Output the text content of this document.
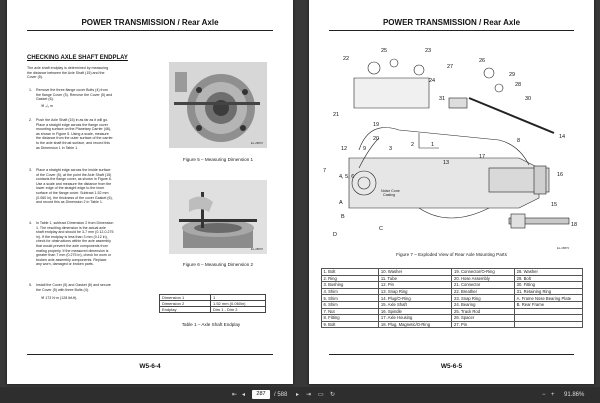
POWER TRANSMISSION / Rear Axle
CHECKING AXLE SHAFT ENDPLAY
The axle shaft endplay is determined by measuring
the distance between the Axle Shaft (15) and the
Cover (5).
1. Remove the three flange cover Bolts (4) from
the flange Cover (5). Remove the Cover (5) and
Gasket (6).
⚒ ₇/₈ m
2. Push the Axle Shaft (15) in as far as it will go.
Place a straight edge across the flange cover
mounting surface on the Planetary Carrier (46),
as shown in Figure 5. Using a scale, measure
the distance from the outer surface of the carrier
to the axle shaft thrust surface, and record this
as Dimension 1 in Table 1.
3. Place a straight edge across the inside surface
of the Cover (5), at the point the Axle Shaft (15)
contacts the flange cover, as shown in Figure 6.
Use a scale and measure the distance from the
lower edge of the straight edge to the inner
surface of the flange cover. Subtract 1.52 mm
(0.060 in), the thickness of the cover Gasket (6),
and record this as Dimension 2 in Table 1.
4. In Table 1, subtract Dimension 2 from Dimension
1. The resulting dimension is the actual axle
shaft endplay and should be 3-7 mm (0.12-0.275
in). If the endplay is less than 3 mm (0.12 in),
check for obstructions within the axle assembly
that would prevent the axle components from
mating properly. If the measured dimension is
greater than 7 mm (0.275 in), check for worn or
broken axle assembly components. Replace
any worn, damaged or broken parts.
5. Install the Cover (5) and Gasket (6) and secure
the Cover (5) with three Bolts (4).
⚒ 173 N·m (128 lbf-ft).
EL-28870
Figure 5 – Measuring Dimension 1
EL-28870
Figure 6 – Measuring Dimension 2
Dimension 1	1
Dimension 2	1.52 mm (0.060in)
Endplay	Dim 1 - Dim 2
Table 1 – Axle Shaft Endplay
W5-6-4
POWER TRANSMISSION / Rear Axle
22
25	23
27
24
26
29
28
31	30
21
19
20
12	9	3
2	1
8
14
17
13
7
4, 5, 6
15
16
18
A
B
C
D
Noise Cone
Casting
Figure 7 – Exploded View of Rear Axle Mounting Parts
EL-28870
1. Bolt	10. Washer	19. Connector/O-Ring	28. Washer
2. Ring	11. Tube	20. Hose Assembly	29. Bolt
3. Bushing	12. Pin	21. Connector	30. Fitting
4. Shim	13. Snap Ring	22. Breather	31. Retaining Ring
5. Shim	14. Plug/O-Ring	23. Snap Ring	A. Frame Nose Bearing Plate
6. Shim	15. Axle Shaft	24. Bearing	B. Rear Frame
7. Nut	16. Spindle	25. Track Rod	
8. Fitting	17. Axle Housing	26. Spacer	
9. Bolt	18. Plug, Magnetic/O-Ring	27. Pin	
W5-6-5
⇤ ◂	287	/ 588 ▸ ⇥ ▭ ↻	− + 91.86%
